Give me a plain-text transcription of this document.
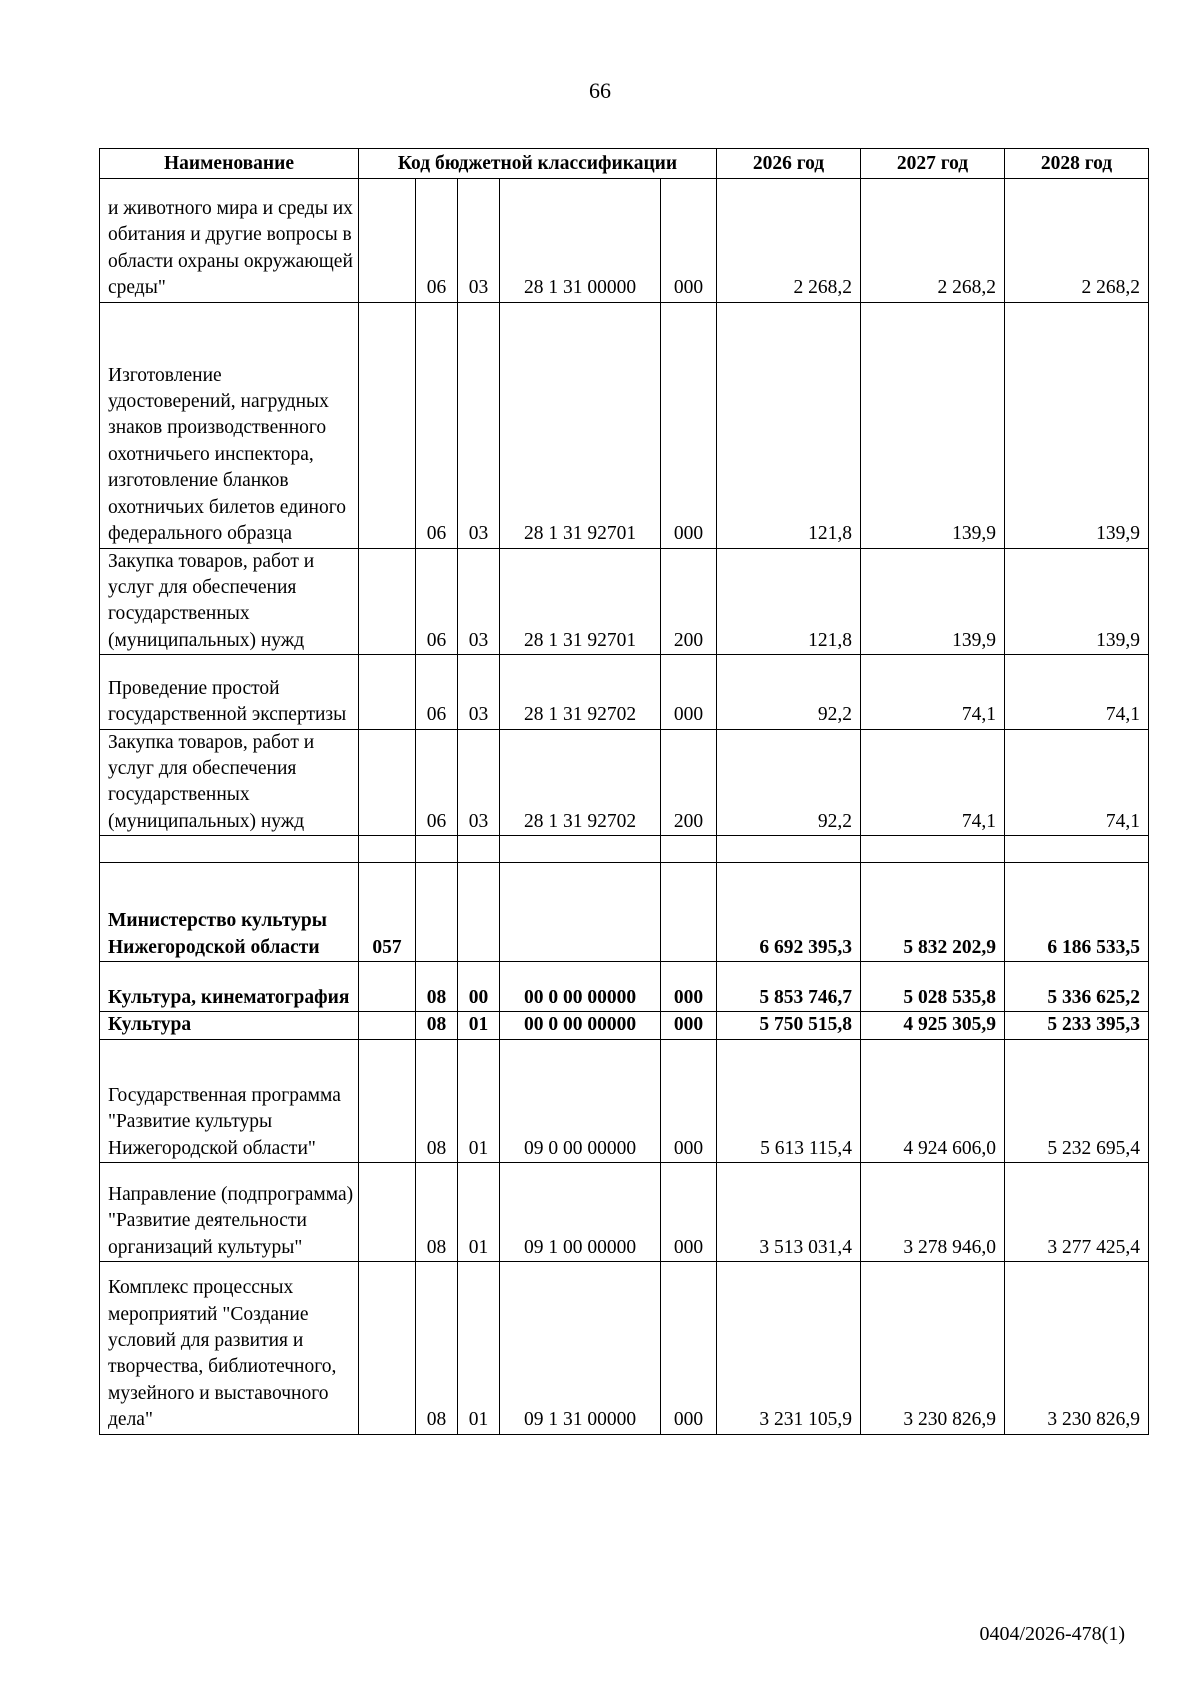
66
Наименование	Код бюджетной классификации					2026 год	2027 год	2028 год
и животного мира и среды их обитания и другие вопросы в области охраны окружающей среды"		06	03	28 1 31 00000	000	2 268,2	2 268,2	2 268,2
Изготовление удостоверений, нагрудных знаков производственного охотничьего инспектора, изготовление бланков охотничьих билетов единого федерального образца		06	03	28 1 31 92701	000	121,8	139,9	139,9
Закупка товаров, работ и услуг для обеспечения государственных (муниципальных) нужд		06	03	28 1 31 92701	200	121,8	139,9	139,9
Проведение простой государственной экспертизы		06	03	28 1 31 92702	000	92,2	74,1	74,1
Закупка товаров, работ и услуг для обеспечения государственных (муниципальных) нужд		06	03	28 1 31 92702	200	92,2	74,1	74,1

Министерство культуры Нижегородской области	057					6 692 395,3	5 832 202,9	6 186 533,5
Культура, кинематография		08	00	00 0 00 00000	000	5 853 746,7	5 028 535,8	5 336 625,2
Культура		08	01	00 0 00 00000	000	5 750 515,8	4 925 305,9	5 233 395,3
Государственная программа "Развитие культуры Нижегородской области"		08	01	09 0 00 00000	000	5 613 115,4	4 924 606,0	5 232 695,4
Направление (подпрограмма) "Развитие деятельности организаций культуры"		08	01	09 1 00 00000	000	3 513 031,4	3 278 946,0	3 277 425,4
Комплекс процессных мероприятий "Создание условий для развития и творчества, библиотечного, музейного и выставочного дела"		08	01	09 1 31 00000	000	3 231 105,9	3 230 826,9	3 230 826,9
0404/2026-478(1)
